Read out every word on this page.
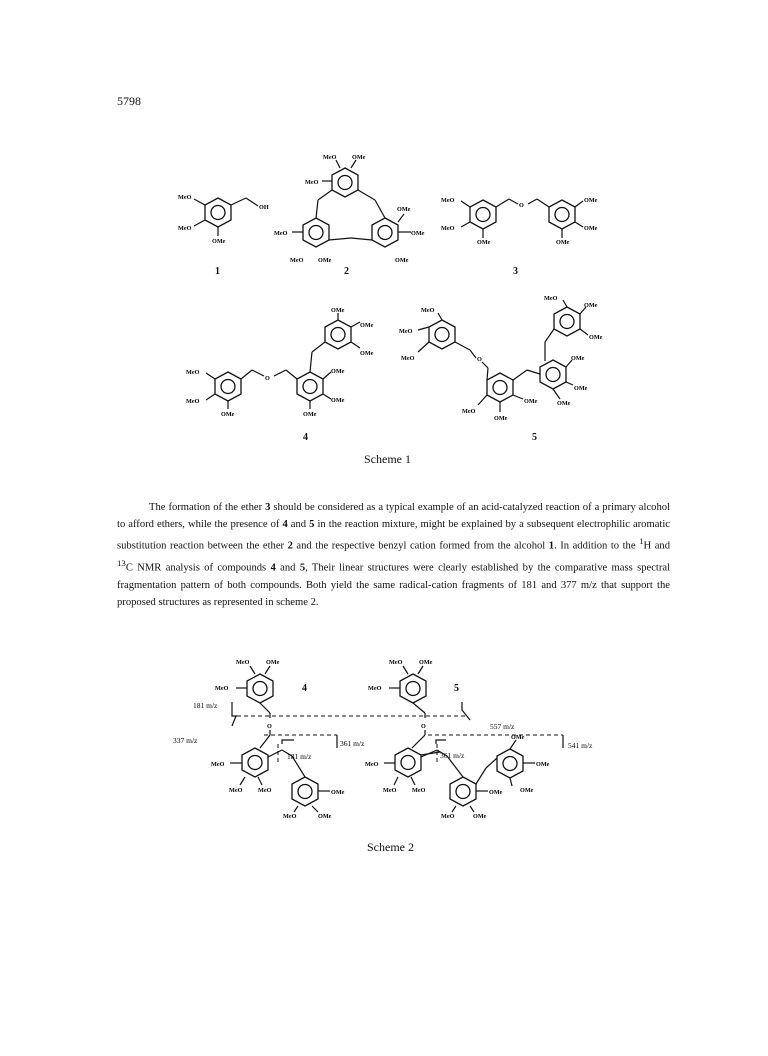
5798
MeO
MeO
OMe
OH
MeO	OMe
MeO
OMe
MeO	OMe
MeO OMe	OMe
O
MeO
MeO
OMe
OMe
OMe
OMe
OMe
OMe
OMe
O
OMe
OMe
OMe
MeO
MeO
OMe
MeO
MeO
MeO	O
MeO
OMe
OMe
OMe
OMe
OMe
OMe
MeO
OMe
1	2	3
4	5
Scheme 1
The formation of the ether 3 should be considered as a typical example of an acid-catalyzed reaction of a primary alcohol to afford ethers, while the presence of 4 and 5 in the reaction mixture, might be explained by a subsequent electrophilic aromatic substitution reaction between the ether 2 and the respective benzyl cation formed from the alcohol 1. In addition to the $^1$H and $^{13}$C NMR analysis of compounds 4 and 5, Their linear structures were clearly established by the comparative mass spectral fragmentation pattern of both compounds. Both yield the same radical-cation fragments of 181 and 377 m/z that support the proposed structures as represented in scheme 2.
MeO	OMe
MeO
O
MeO
MeO	MeO	OMe
MeO	OMe
MeO	OMe
MeO
O
OMe
MeO
MeO	MeO	OMe
OMe
OMe
MeO	OMe
4	5
181 m/z
337 m/z	361 m/z
181 m/z
557 m/z
361 m/z
541 m/z
Scheme 2
